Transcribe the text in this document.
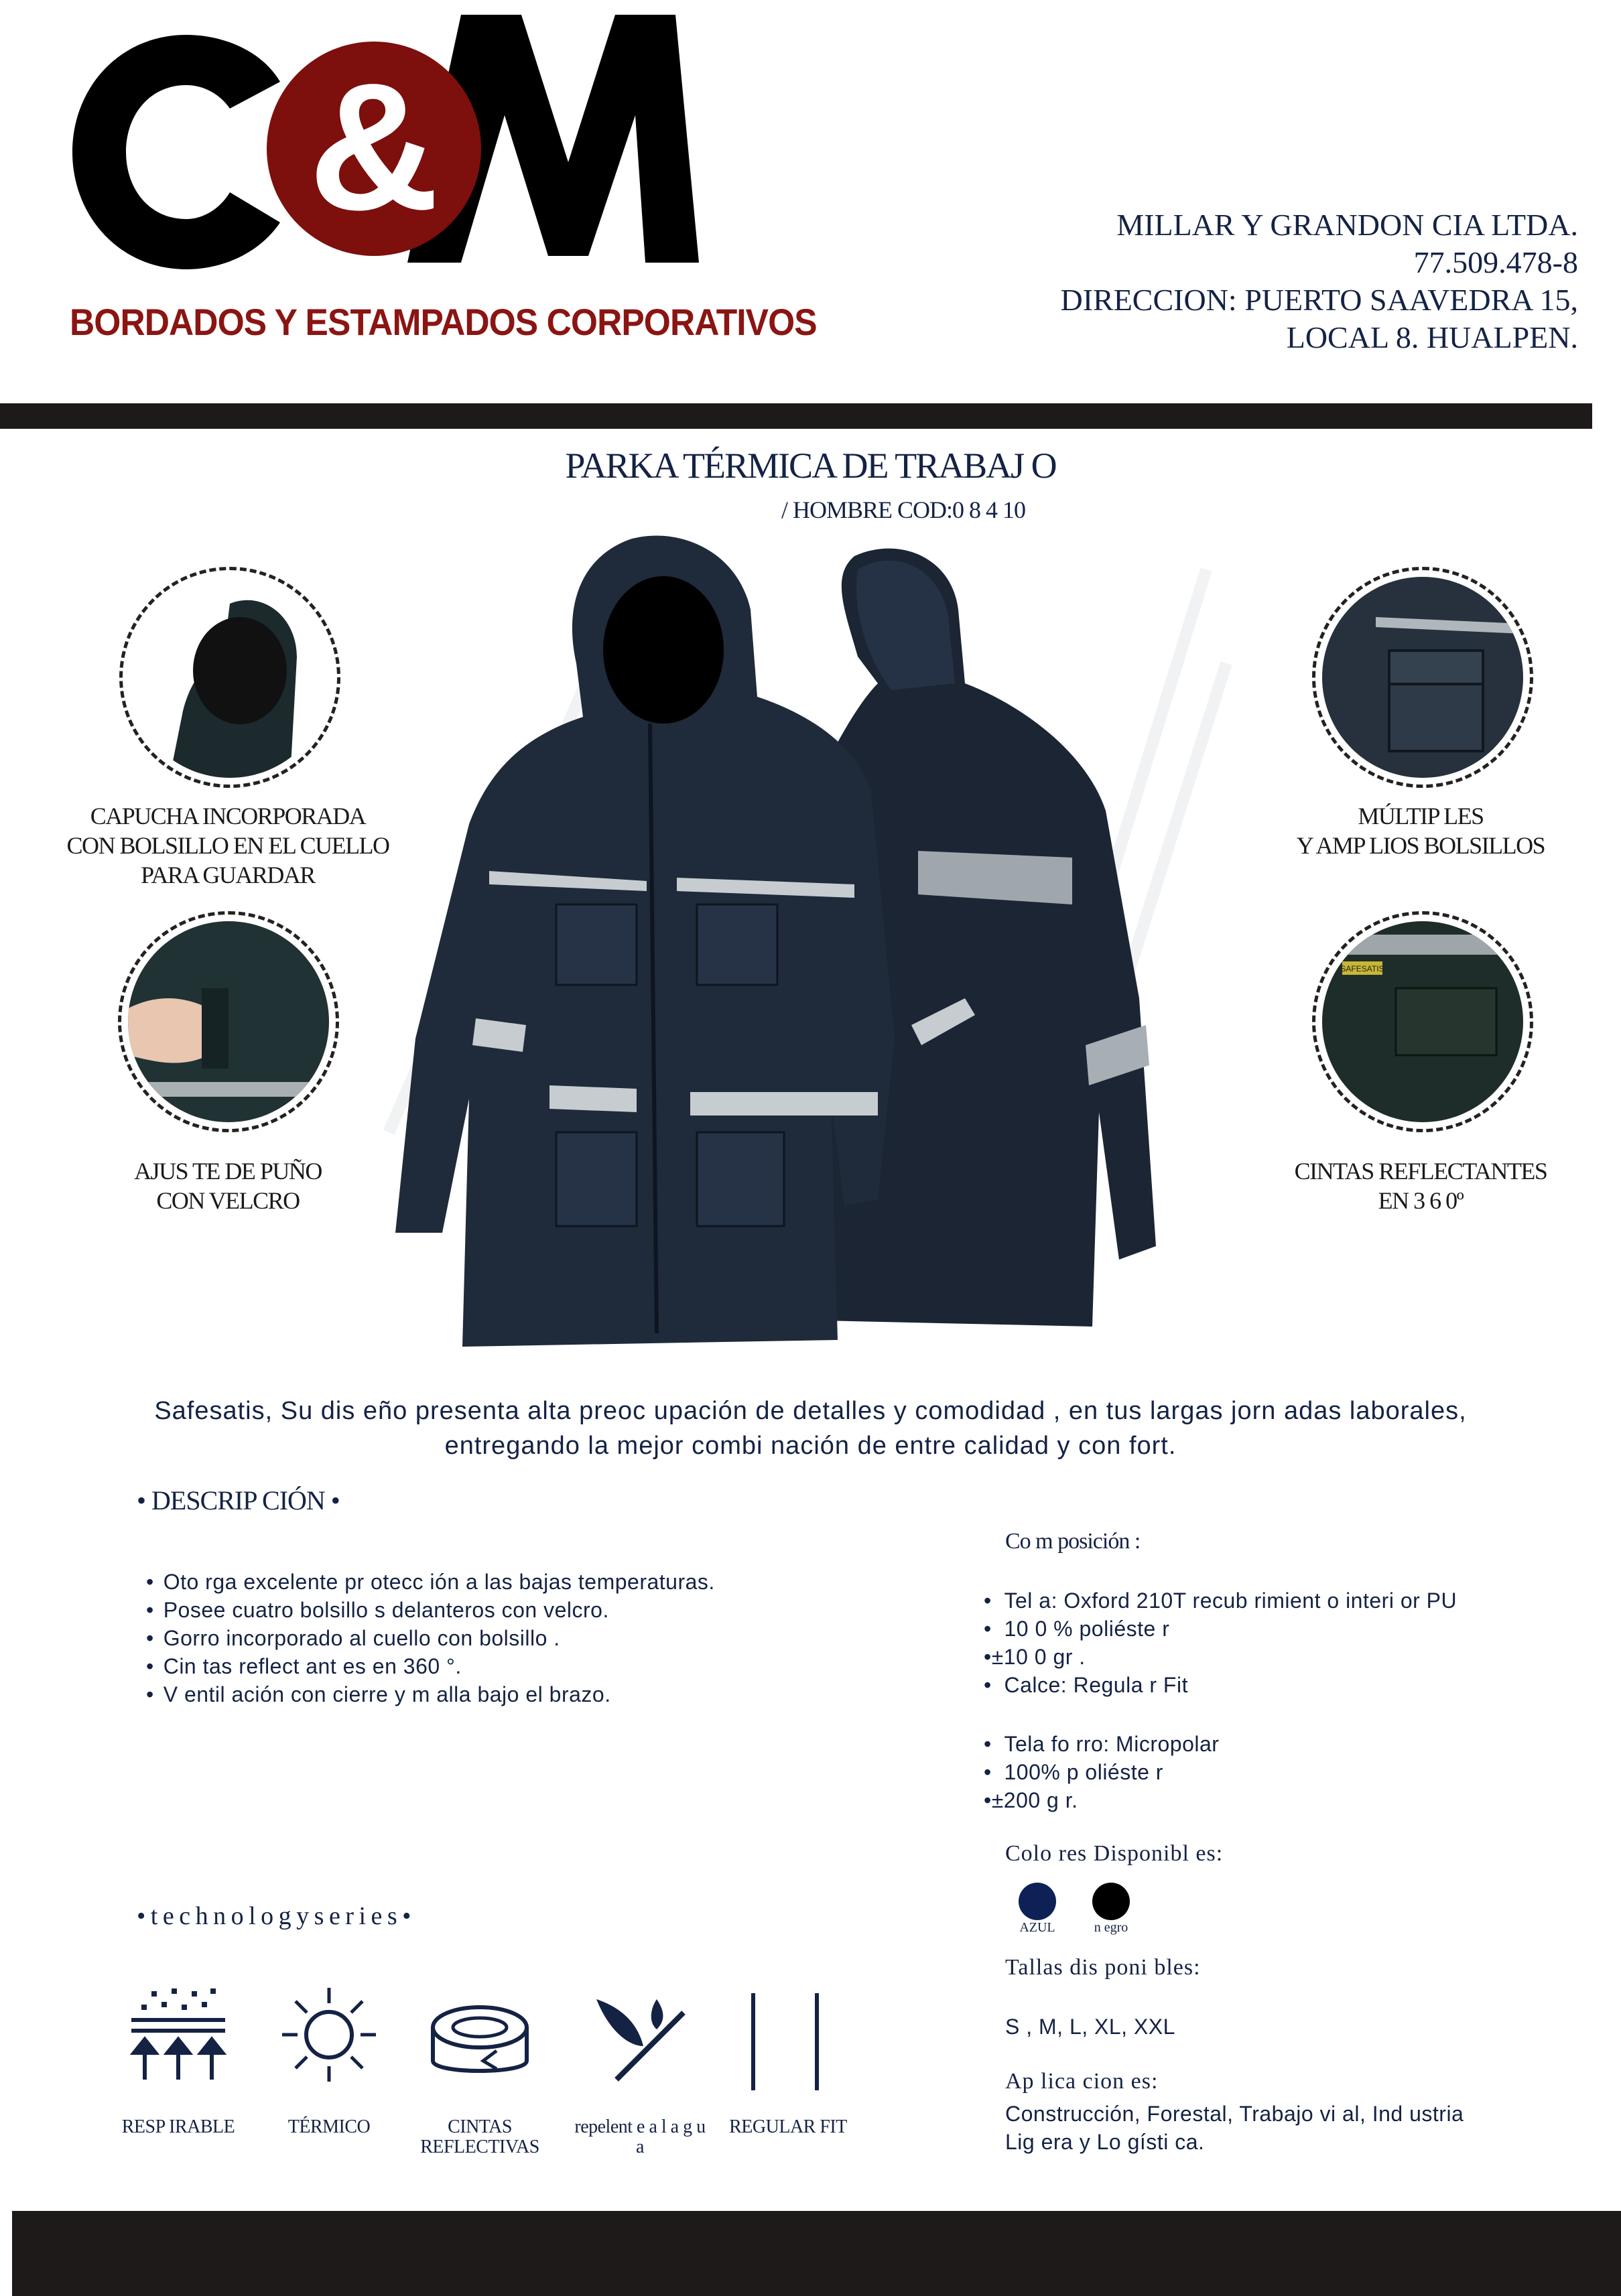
&
BORDADOS Y ESTAMPADOS CORPORATIVOS
MILLAR Y GRANDON CIA LTDA.
77.509.478-8
DIRECCION: PUERTO SAAVEDRA 15,
LOCAL 8. HUALPEN.
PARKA TÉRMICA DE TRABAJ O
/ HOMBRE COD:0 8 4 10
CAPUCHA INCORPORADA
CON BOLSILLO EN EL CUELLO
PARA GUARDAR
AJUS TE DE PUÑO
CON VELCRO
MÚLTIP LES
Y AMP LIOS BOLSILLOS
SAFESATIS
CINTAS REFLECTANTES
EN 3 6 0º
Safesatis, Su dis eño presenta alta preoc upación de detalles y comodidad , en tus largas jorn adas laborales,
entregando la mejor combi nación de entre calidad y con fort.
• DESCRIP CIÓN •
• Oto rga excelente pr otecc ión a las bajas temperaturas.
• Posee cuatro bolsillo s delanteros con velcro.
• Gorro incorporado al cuello con bolsillo .
• Cin tas reflect ant es en 360 °.
• V entil ación con cierre y m alla bajo el brazo.
Co m posición :
• Tel a: Oxford 210T recub rimient o interi or PU
• 10 0 % poliéste r
•±10 0 gr .
• Calce: Regula r Fit
• Tela fo rro: Micropolar
• 100% p oliéste r
•±200 g r.
Colo res Disponibl es:
AZUL	n egro
Tallas dis poni bles:
S , M, L, XL, XXL
Ap lica cion es:
Construcción, Forestal, Trabajo vi al, Ind ustria
Lig era y Lo gísti ca.
• t e c h n o l o g y s e r i e s •
RESP IRABLE	TÉRMICO	CINTAS REFLECTIVAS
repelent e a l a g u a
REGULAR FIT
